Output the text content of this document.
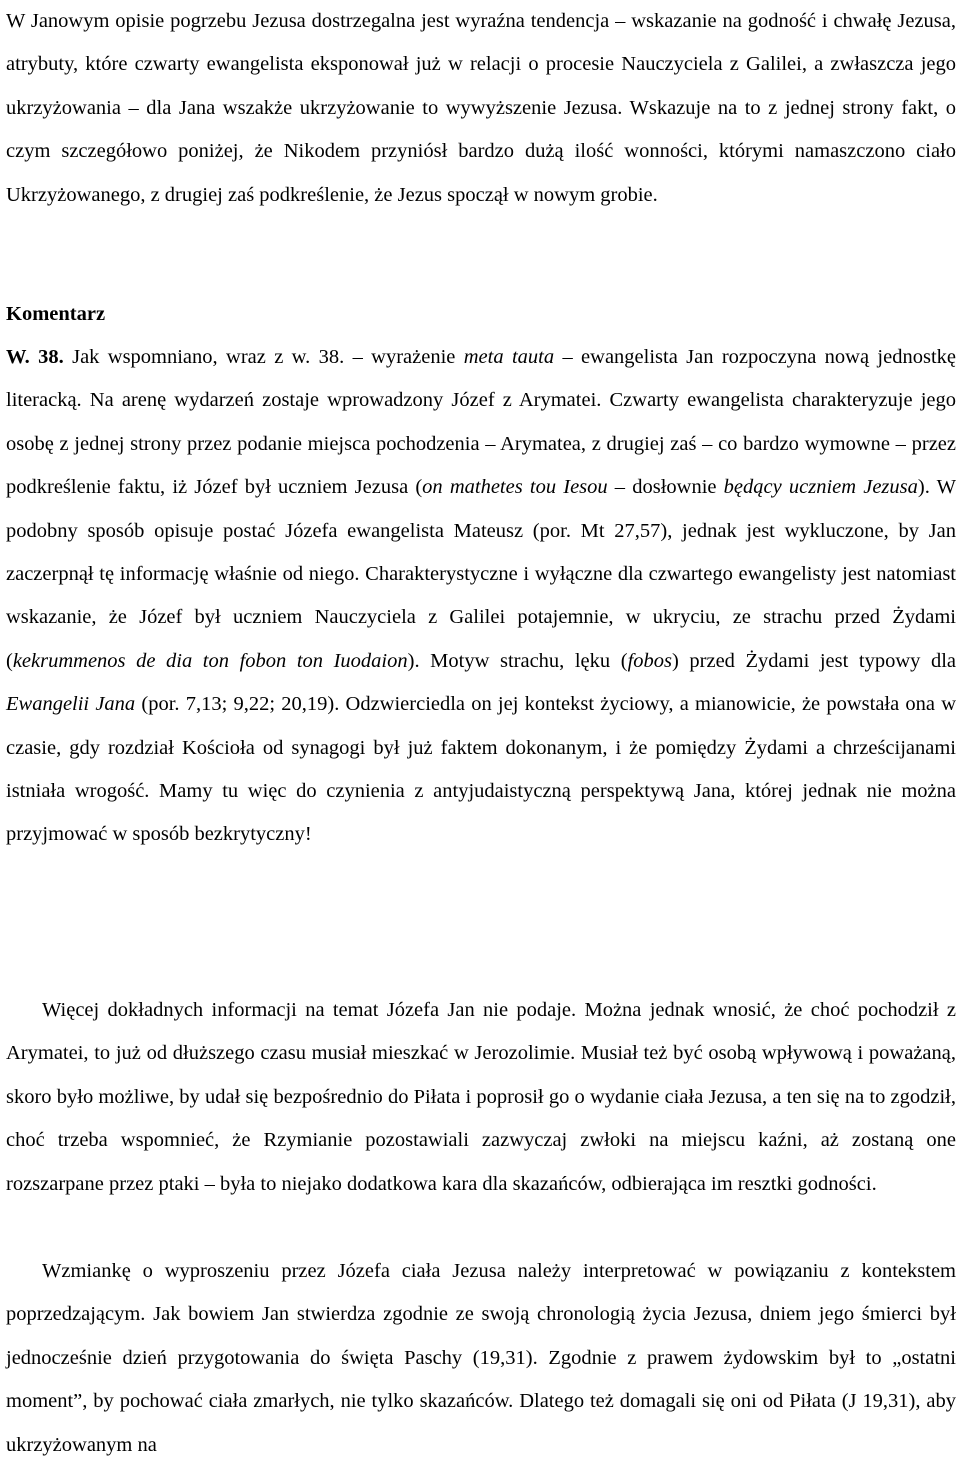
W Janowym opisie pogrzebu Jezusa dostrzegalna jest wyraźna tendencja – wskazanie na godność i chwałę Jezusa, atrybuty, które czwarty ewangelista eksponował już w relacji o procesie Nauczyciela z Galilei, a zwłaszcza jego ukrzyżowania – dla Jana wszakże ukrzyżowanie to wywyższenie Jezusa. Wskazuje na to z jednej strony fakt, o czym szczegółowo poniżej, że Nikodem przyniósł bardzo dużą ilość wonności, którymi namaszczono ciało Ukrzyżowanego, z drugiej zaś podkreślenie, że Jezus spoczął w nowym grobie.

Komentarz

W. 38. Jak wspomniano, wraz z w. 38. – wyrażenie meta tauta – ewangelista Jan rozpoczyna nową jednostkę literacką. Na arenę wydarzeń zostaje wprowadzony Józef z Arymatei. Czwarty ewangelista charakteryzuje jego osobę z jednej strony przez podanie miejsca pochodzenia – Arymatea, z drugiej zaś – co bardzo wymowne – przez podkreślenie faktu, iż Józef był uczniem Jezusa (on mathetes tou Iesou – dosłownie będący uczniem Jezusa). W podobny sposób opisuje postać Józefa ewangelista Mateusz (por. Mt 27,57), jednak jest wykluczone, by Jan zaczerpnął tę informację właśnie od niego. Charakterystyczne i wyłączne dla czwartego ewangelisty jest natomiast wskazanie, że Józef był uczniem Nauczyciela z Galilei potajemnie, w ukryciu, ze strachu przed Żydami (kekrummenos de dia ton fobon ton Iuodaion). Motyw strachu, lęku (fobos) przed Żydami jest typowy dla Ewangelii Jana (por. 7,13; 9,22; 20,19). Odzwierciedla on jej kontekst życiowy, a mianowicie, że powstała ona w czasie, gdy rozdział Kościoła od synagogi był już faktem dokonanym, i że pomiędzy Żydami a chrześcijanami istniała wrogość. Mamy tu więc do czynienia z antyjudaistyczną perspektywą Jana, której jednak nie można przyjmować w sposób bezkrytyczny!

Więcej dokładnych informacji na temat Józefa Jan nie podaje. Można jednak wnosić, że choć pochodził z Arymatei, to już od dłuższego czasu musiał mieszkać w Jerozolimie. Musiał też być osobą wpływową i poważaną, skoro było możliwe, by udał się bezpośrednio do Piłata i poprosił go o wydanie ciała Jezusa, a ten się na to zgodził, choć trzeba wspomnieć, że Rzymianie pozostawiali zazwyczaj zwłoki na miejscu kaźni, aż zostaną one rozszarpane przez ptaki – była to niejako dodatkowa kara dla skazańców, odbierająca im resztki godności.

Wzmiankę o wyproszeniu przez Józefa ciała Jezusa należy interpretować w powiązaniu z kontekstem poprzedzającym. Jak bowiem Jan stwierdza zgodnie ze swoją chronologią życia Jezusa, dniem jego śmierci był jednocześnie dzień przygotowania do święta Paschy (19,31). Zgodnie z prawem żydowskim był to „ostatni moment”, by pochować ciała zmarłych, nie tylko skazańców. Dlatego też domagali się oni od Piłata (J 19,31), aby ukrzyżowanym na
